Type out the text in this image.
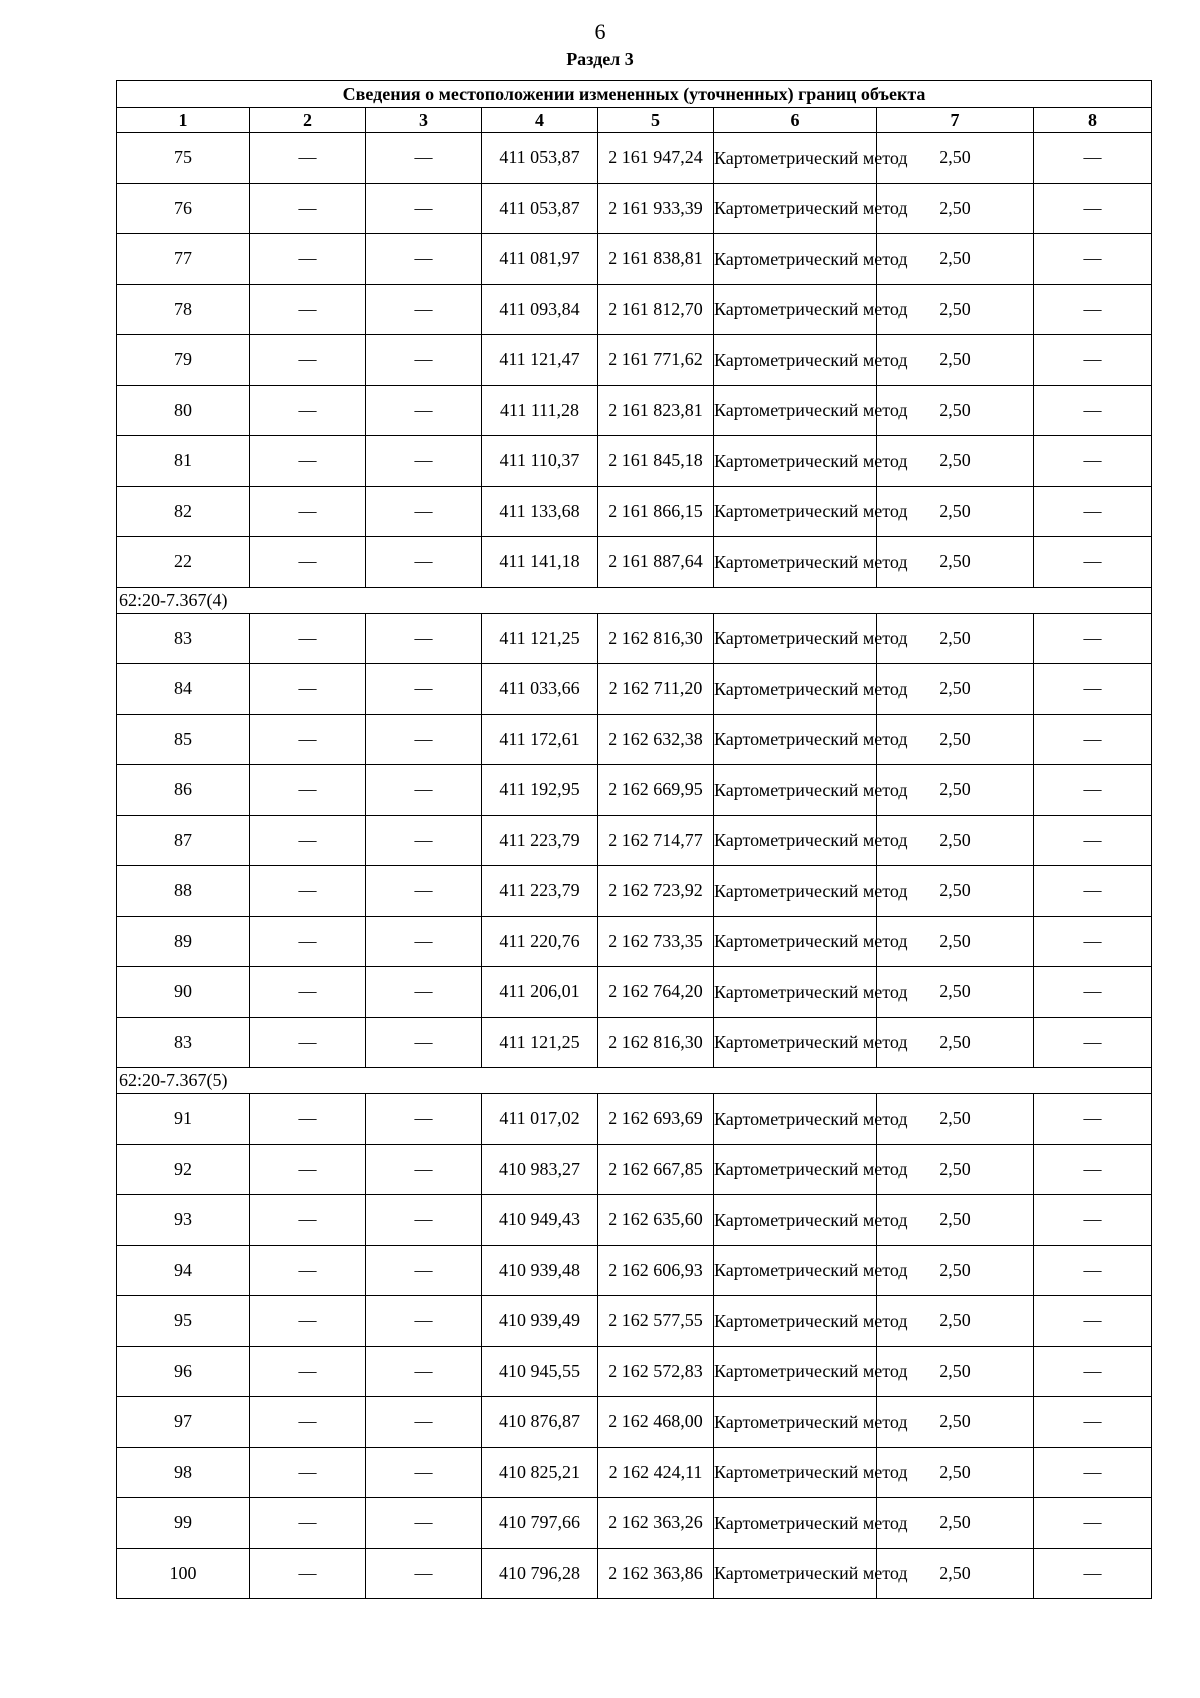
6
Раздел 3
Сведения о местоположении измененных (уточненных) границ объекта							
1	2	3	4	5	6	7	8
75	—	—	411 053,87	2 161 947,24	Картометрический метод	2,50	—
76	—	—	411 053,87	2 161 933,39	Картометрический метод	2,50	—
77	—	—	411 081,97	2 161 838,81	Картометрический метод	2,50	—
78	—	—	411 093,84	2 161 812,70	Картометрический метод	2,50	—
79	—	—	411 121,47	2 161 771,62	Картометрический метод	2,50	—
80	—	—	411 111,28	2 161 823,81	Картометрический метод	2,50	—
81	—	—	411 110,37	2 161 845,18	Картометрический метод	2,50	—
82	—	—	411 133,68	2 161 866,15	Картометрический метод	2,50	—
22	—	—	411 141,18	2 161 887,64	Картометрический метод	2,50	—
62:20-7.367(4)							
83	—	—	411 121,25	2 162 816,30	Картометрический метод	2,50	—
84	—	—	411 033,66	2 162 711,20	Картометрический метод	2,50	—
85	—	—	411 172,61	2 162 632,38	Картометрический метод	2,50	—
86	—	—	411 192,95	2 162 669,95	Картометрический метод	2,50	—
87	—	—	411 223,79	2 162 714,77	Картометрический метод	2,50	—
88	—	—	411 223,79	2 162 723,92	Картометрический метод	2,50	—
89	—	—	411 220,76	2 162 733,35	Картометрический метод	2,50	—
90	—	—	411 206,01	2 162 764,20	Картометрический метод	2,50	—
83	—	—	411 121,25	2 162 816,30	Картометрический метод	2,50	—
62:20-7.367(5)							
91	—	—	411 017,02	2 162 693,69	Картометрический метод	2,50	—
92	—	—	410 983,27	2 162 667,85	Картометрический метод	2,50	—
93	—	—	410 949,43	2 162 635,60	Картометрический метод	2,50	—
94	—	—	410 939,48	2 162 606,93	Картометрический метод	2,50	—
95	—	—	410 939,49	2 162 577,55	Картометрический метод	2,50	—
96	—	—	410 945,55	2 162 572,83	Картометрический метод	2,50	—
97	—	—	410 876,87	2 162 468,00	Картометрический метод	2,50	—
98	—	—	410 825,21	2 162 424,11	Картометрический метод	2,50	—
99	—	—	410 797,66	2 162 363,26	Картометрический метод	2,50	—
100	—	—	410 796,28	2 162 363,86	Картометрический метод	2,50	—
